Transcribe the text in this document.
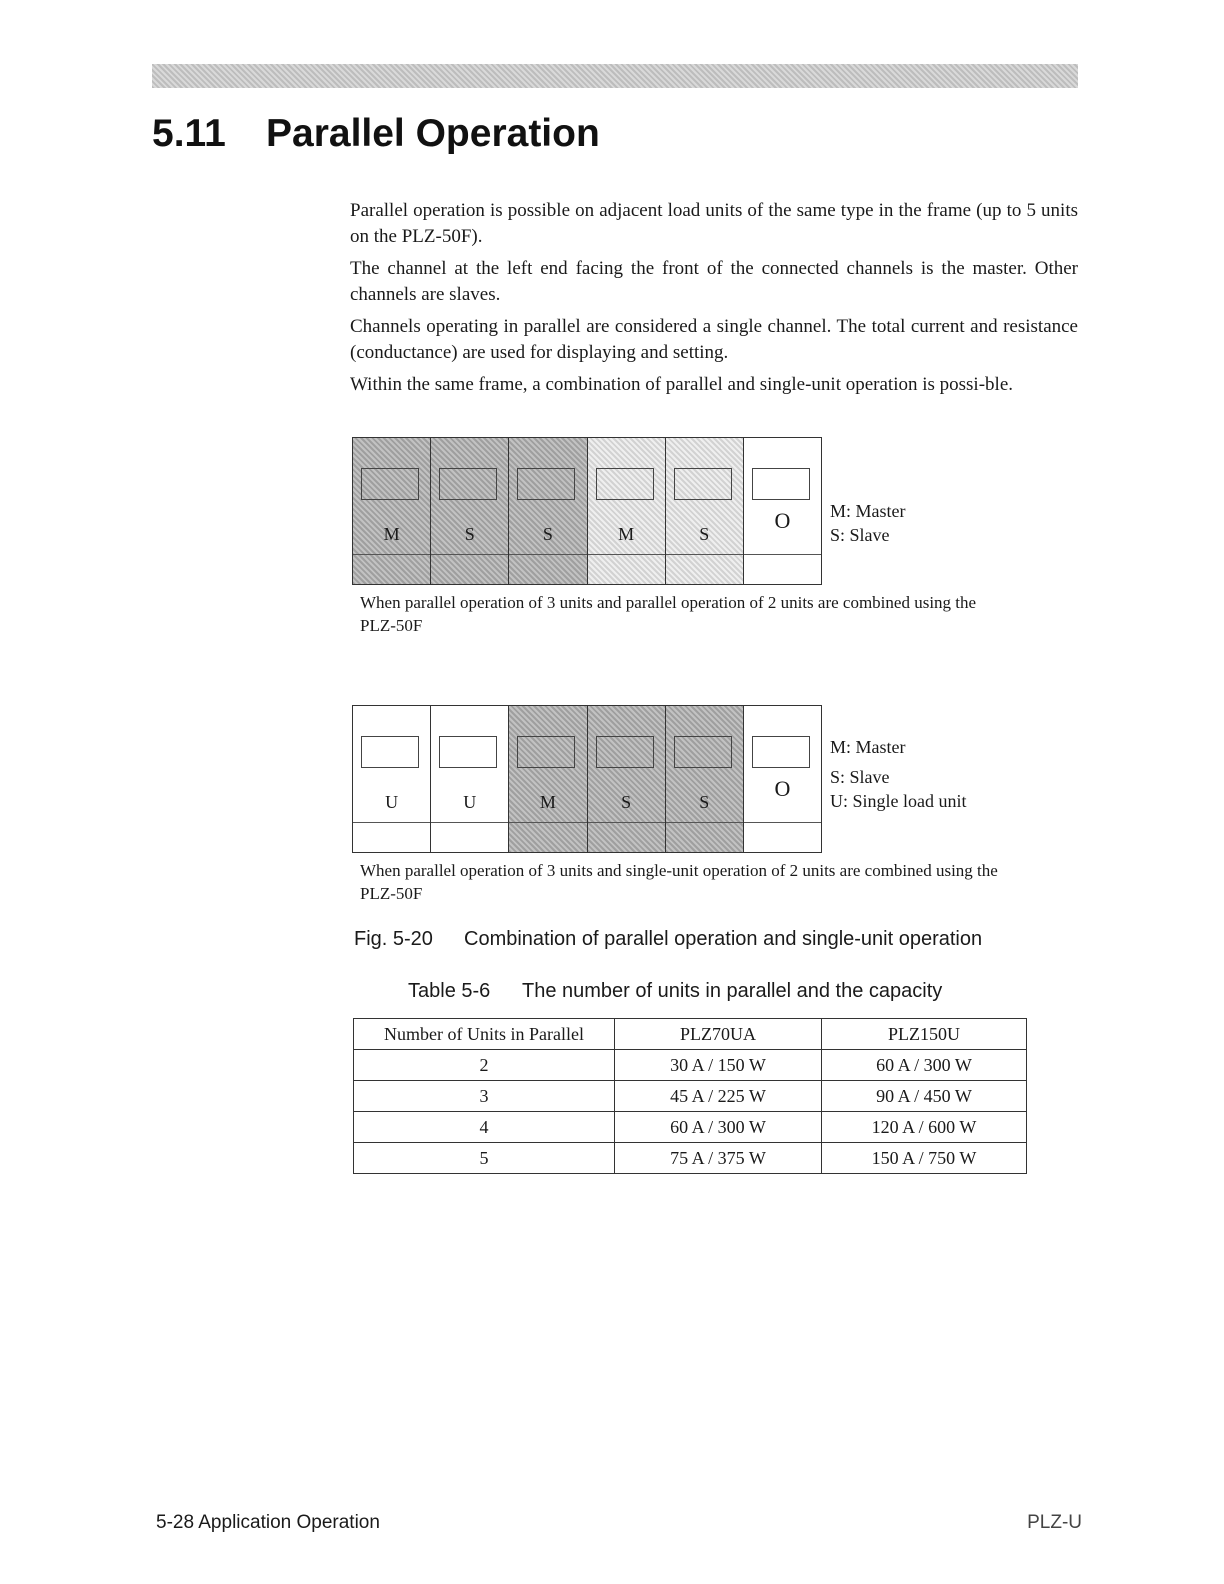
5.11 Parallel Operation

Parallel operation is possible on adjacent load units of the same type in the frame (up to 5 units on the PLZ-50F).

The channel at the left end facing the front of the connected channels is the master. Other channels are slaves.

Channels operating in parallel are considered a single channel. The total current and resistance (conductance) are used for displaying and setting.

Within the same frame, a combination of parallel and single-unit operation is possi-ble.

M	S	S	M	S
O	M: Master
S: Slave
When parallel operation of 3 units and parallel operation of 2 units are combined using the PLZ-50F
U	U	M	S	S
O
M: Master
S: Slave
U: Single load unit
When parallel operation of 3 units and single-unit operation of 2 units are combined using the PLZ-50F

Fig. 5-20 Combination of parallel operation and single-unit operation

Table 5-6 The number of units in parallel and the capacity

Number of Units in Parallel	PLZ70UA	PLZ150U
2	30 A / 150 W	60 A / 300 W
3	45 A / 225 W	90 A / 450 W
4	60 A / 300 W	120 A / 600 W
5	75 A / 375 W	150 A / 750 W
5-28 Application Operation	PLZ-U
